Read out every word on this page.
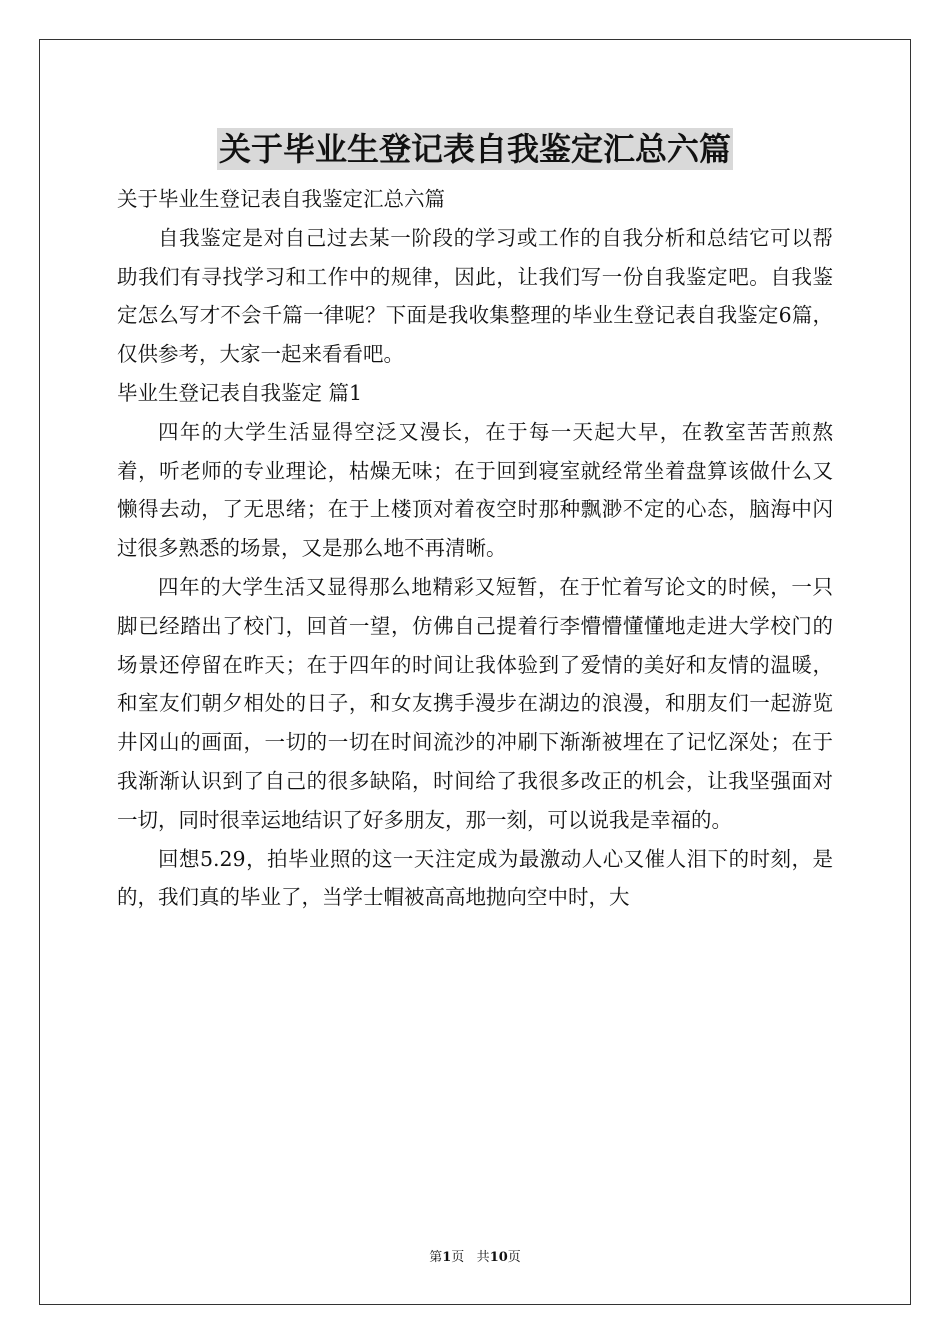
关于毕业生登记表自我鉴定汇总六篇

关于毕业生登记表自我鉴定汇总六篇

自我鉴定是对自己过去某一阶段的学习或工作的自我分析和总结它可以帮助我们有寻找学习和工作中的规律，因此，让我们写一份自我鉴定吧。自我鉴定怎么写才不会千篇一律呢？下面是我收集整理的毕业生登记表自我鉴定6篇，仅供参考，大家一起来看看吧。

毕业生登记表自我鉴定 篇1

四年的大学生活显得空泛又漫长，在于每一天起大早，在教室苦苦煎熬着，听老师的专业理论，枯燥无味；在于回到寝室就经常坐着盘算该做什么又懒得去动，了无思绪；在于上楼顶对着夜空时那种飘渺不定的心态，脑海中闪过很多熟悉的场景，又是那么地不再清晰。

四年的大学生活又显得那么地精彩又短暂，在于忙着写论文的时候，一只脚已经踏出了校门，回首一望，仿佛自己提着行李懵懵懂懂地走进大学校门的场景还停留在昨天；在于四年的时间让我体验到了爱情的美好和友情的温暖，和室友们朝夕相处的日子，和女友携手漫步在湖边的浪漫，和朋友们一起游览井冈山的画面，一切的一切在时间流沙的冲刷下渐渐被埋在了记忆深处；在于我渐渐认识到了自己的很多缺陷，时间给了我很多改正的机会，让我坚强面对一切，同时很幸运地结识了好多朋友，那一刻，可以说我是幸福的。

回想5.29，拍毕业照的这一天注定成为最激动人心又催人泪下的时刻，是的，我们真的毕业了，当学士帽被高高地抛向空中时，大

第1页 共10页
